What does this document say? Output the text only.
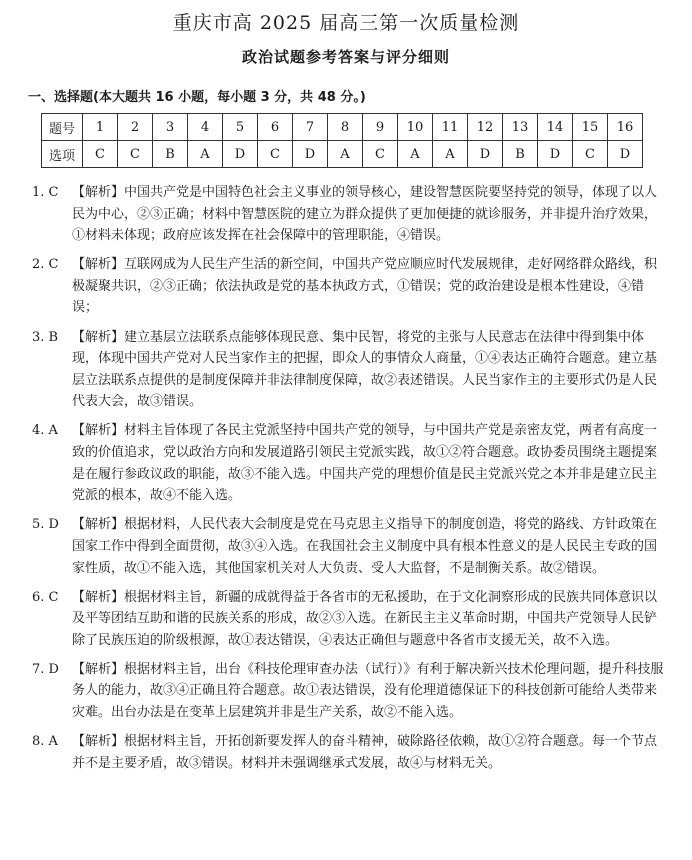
重庆市高 2025 届高三第一次质量检测
政治试题参考答案与评分细则
一、选择题(本大题共 16 小题，每小题 3 分，共 48 分。)
题号	1	2	3	4	5	6	7	8	9	10	11	12	13	14	15	16
选项	C	C	B	A	D	C	D	A	C	A	A	D	B	D	C	D
1. C 【解析】中国共产党是中国特色社会主义事业的领导核心，建设智慧医院要坚持党的领导，体现了以人民为中心，②③正确；材料中智慧医院的建立为群众提供了更加便捷的就诊服务，并非提升治疗效果，①材料未体现；政府应该发挥在社会保障中的管理职能，④错误。
2. C 【解析】互联网成为人民生产生活的新空间，中国共产党应顺应时代发展规律，走好网络群众路线，积极凝聚共识，②③正确；依法执政是党的基本执政方式，①错误；党的政治建设是根本性建设，④错误；
3. B 【解析】建立基层立法联系点能够体现民意、集中民智，将党的主张与人民意志在法律中得到集中体现，体现中国共产党对人民当家作主的把握，即众人的事情众人商量，①④表达正确符合题意。建立基层立法联系点提供的是制度保障并非法律制度保障，故②表述错误。人民当家作主的主要形式仍是人民代表大会，故③错误。
4. A 【解析】材料主旨体现了各民主党派坚持中国共产党的领导，与中国共产党是亲密友党，两者有高度一致的价值追求，党以政治方向和发展道路引领民主党派实践，故①②符合题意。政协委员围绕主题提案是在履行参政议政的职能，故③不能入选。中国共产党的理想价值是民主党派兴党之本并非是建立民主党派的根本，故④不能入选。
5. D 【解析】根据材料，人民代表大会制度是党在马克思主义指导下的制度创造，将党的路线、方针政策在国家工作中得到全面贯彻，故③④入选。在我国社会主义制度中具有根本性意义的是人民民主专政的国家性质，故①不能入选，其他国家机关对人大负责、受人大监督，不是制衡关系。故②错误。
6. C 【解析】根据材料主旨，新疆的成就得益于各省市的无私援助，在于文化洞察形成的民族共同体意识以及平等团结互助和谐的民族关系的形成，故②③入选。在新民主主义革命时期，中国共产党领导人民铲除了民族压迫的阶级根源，故①表达错误，④表达正确但与题意中各省市支援无关，故不入选。
7. D 【解析】根据材料主旨，出台《科技伦理审查办法（试行）》有利于解决新兴技术伦理问题，提升科技服务人的能力，故③④正确且符合题意。故①表达错误，没有伦理道德保证下的科技创新可能给人类带来灾难。出台办法是在变革上层建筑并非是生产关系，故②不能入选。
8. A 【解析】根据材料主旨，开拓创新要发挥人的奋斗精神，破除路径依赖，故①②符合题意。每一个节点并不是主要矛盾，故③错误。材料并未强调继承式发展，故④与材料无关。
